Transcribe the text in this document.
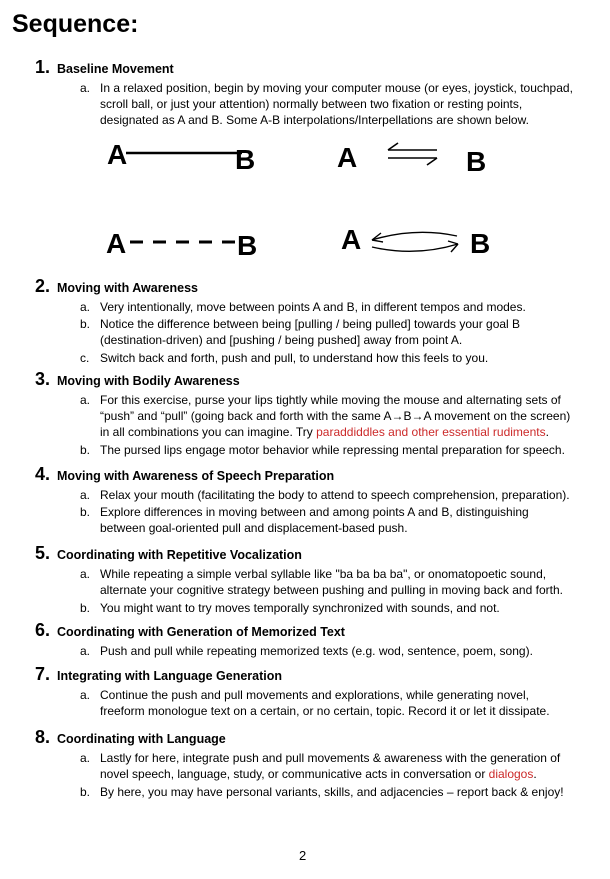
Sequence:
A	B	A	B
A	B	A	B
1. Baseline Movement
a. In a relaxed position, begin by moving your computer mouse (or eyes, joystick, touchpad,
scroll ball, or just your attention) normally between two fixation or resting points,
designated as A and B. Some A-B interpolations/Interpellations are shown below.
2. Moving with Awareness
a. Very intentionally, move between points A and B, in different tempos and modes.
b. Notice the difference between being [pulling / being pulled] towards your goal B
(destination-driven) and [pushing / being pushed] away from point A.
c. Switch back and forth, push and pull, to understand how this feels to you.
3. Moving with Bodily Awareness
a. For this exercise, purse your lips tightly while moving the mouse and alternating sets of
“push” and “pull” (going back and forth with the same A→B→A movement on the screen)
in all combinations you can imagine. Try paraddiddles and other essential rudiments.
b. The pursed lips engage motor behavior while repressing mental preparation for speech.
4. Moving with Awareness of Speech Preparation
a. Relax your mouth (facilitating the body to attend to speech comprehension, preparation).
b. Explore differences in moving between and among points A and B, distinguishing
between goal-oriented pull and displacement-based push.
5. Coordinating with Repetitive Vocalization
a. While repeating a simple verbal syllable like "ba ba ba ba", or onomatopoetic sound,
alternate your cognitive strategy between pushing and pulling in moving back and forth.
b. You might want to try moves temporally synchronized with sounds, and not.
6. Coordinating with Generation of Memorized Text
a. Push and pull while repeating memorized texts (e.g. wod, sentence, poem, song).
7. Integrating with Language Generation
a. Continue the push and pull movements and explorations, while generating novel,
freeform monologue text on a certain, or no certain, topic. Record it or let it dissipate.
8. Coordinating with Language
a. Lastly for here, integrate push and pull movements & awareness with the generation of
novel speech, language, study, or communicative acts in conversation or dialogos.
b. By here, you may have personal variants, skills, and adjacencies – report back & enjoy!
2
